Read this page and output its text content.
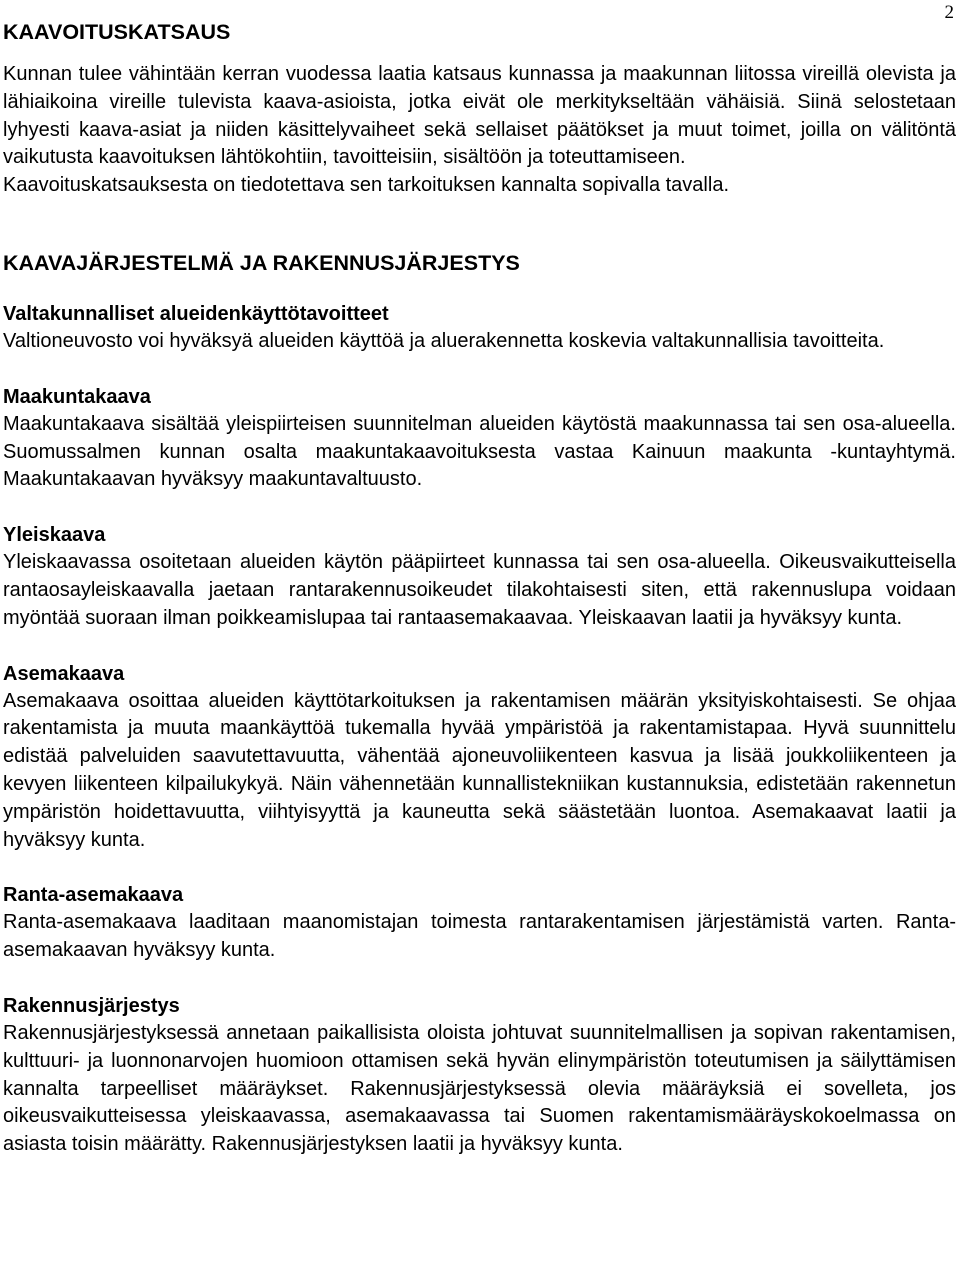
2
KAAVOITUSKATSAUS

Kunnan tulee vähintään kerran vuodessa laatia katsaus kunnassa ja maakunnan liitossa vireillä olevista ja lähiaikoina vireille tulevista kaava-asioista, jotka eivät ole merkitykseltään vähäisiä. Siinä selostetaan lyhyesti kaava-asiat ja niiden käsittelyvaiheet sekä sellaiset päätökset ja muut toimet, joilla on välitöntä vaikutusta kaavoituksen lähtökohtiin, tavoitteisiin, sisältöön ja toteuttamiseen.

Kaavoituskatsauksesta on tiedotettava sen tarkoituksen kannalta sopivalla tavalla.

KAAVAJÄRJESTELMÄ JA RAKENNUSJÄRJESTYS
Valtakunnalliset alueidenkäyttötavoitteet

Valtioneuvosto voi hyväksyä alueiden käyttöä ja aluerakennetta koskevia valtakunnallisia tavoitteita.

Maakuntakaava

Maakuntakaava sisältää yleispiirteisen suunnitelman alueiden käytöstä maakunnassa tai sen osa-alueella. Suomussalmen kunnan osalta maakuntakaavoituksesta vastaa Kainuun maakunta -kuntayhtymä. Maakuntakaavan hyväksyy maakuntavaltuusto.

Yleiskaava

Yleiskaavassa osoitetaan alueiden käytön pääpiirteet kunnassa tai sen osa-alueella. Oikeusvaikutteisella rantaosayleiskaavalla jaetaan rantarakennusoikeudet tilakohtaisesti siten, että rakennuslupa voidaan myöntää suoraan ilman poikkeamislupaa tai rantaasemakaavaa. Yleiskaavan laatii ja hyväksyy kunta.

Asemakaava

Asemakaava osoittaa alueiden käyttötarkoituksen ja rakentamisen määrän yksityiskohtaisesti. Se ohjaa rakentamista ja muuta maankäyttöä tukemalla hyvää ympäristöä ja rakentamistapaa. Hyvä suunnittelu edistää palveluiden saavutettavuutta, vähentää ajoneuvoliikenteen kasvua ja lisää joukkoliikenteen ja kevyen liikenteen kilpailukykyä. Näin vähennetään kunnallistekniikan kustannuksia, edistetään rakennetun ympäristön hoidettavuutta, viihtyisyyttä ja kauneutta sekä säästetään luontoa. Asemakaavat laatii ja hyväksyy kunta.

Ranta-asemakaava

Ranta-asemakaava laaditaan maanomistajan toimesta rantarakentamisen järjestämistä varten. Ranta-asemakaavan hyväksyy kunta.

Rakennusjärjestys

Rakennusjärjestyksessä annetaan paikallisista oloista johtuvat suunnitelmallisen ja sopivan rakentamisen, kulttuuri- ja luonnonarvojen huomioon ottamisen sekä hyvän elinympäristön toteutumisen ja säilyttämisen kannalta tarpeelliset määräykset. Rakennusjärjestyksessä olevia määräyksiä ei sovelleta, jos oikeusvaikutteisessa yleiskaavassa, asemakaavassa tai Suomen rakentamismääräyskokoelmassa on asiasta toisin määrätty. Rakennusjärjestyksen laatii ja hyväksyy kunta.
